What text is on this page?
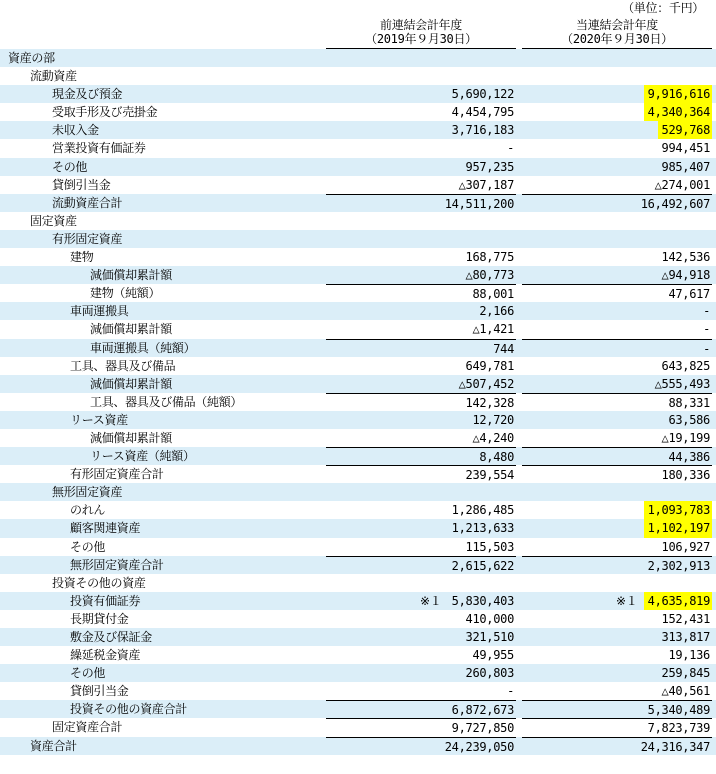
（単位：千円）
前連結会計年度
（2019年９月30日）
当連結会計年度
（2020年９月30日）
資産の部
流動資産
現金及び預金	5,690,122	9,916,616
受取手形及び売掛金	4,454,795	4,340,364
未収入金	3,716,183	529,768
営業投資有価証券	-	994,451
その他	957,235	985,407
貸倒引当金	△307,187	△274,001
流動資産合計	14,511,200	16,492,607
固定資産
有形固定資産
建物	168,775	142,536
減価償却累計額	△80,773	△94,918
建物（純額）	88,001	47,617
車両運搬具	2,166	-
減価償却累計額	△1,421	-
車両運搬具（純額）	744	-
工具、器具及び備品	649,781	643,825
減価償却累計額	△507,452	△555,493
工具、器具及び備品（純額）	142,328	88,331
リース資産	12,720	63,586
減価償却累計額	△4,240	△19,199
リース資産（純額）	8,480	44,386
有形固定資産合計	239,554	180,336
無形固定資産
のれん	1,286,485	1,093,783
顧客関連資産	1,213,633	1,102,197
その他	115,503	106,927
無形固定資産合計	2,615,622	2,302,913
投資その他の資産
投資有価証券	※１ 5,830,403	※１ 4,635,819
長期貸付金	410,000	152,431
敷金及び保証金	321,510	313,817
繰延税金資産	49,955	19,136
その他	260,803	259,845
貸倒引当金	-	△40,561
投資その他の資産合計	6,872,673	5,340,489
固定資産合計	9,727,850	7,823,739
資産合計	24,239,050	24,316,347
